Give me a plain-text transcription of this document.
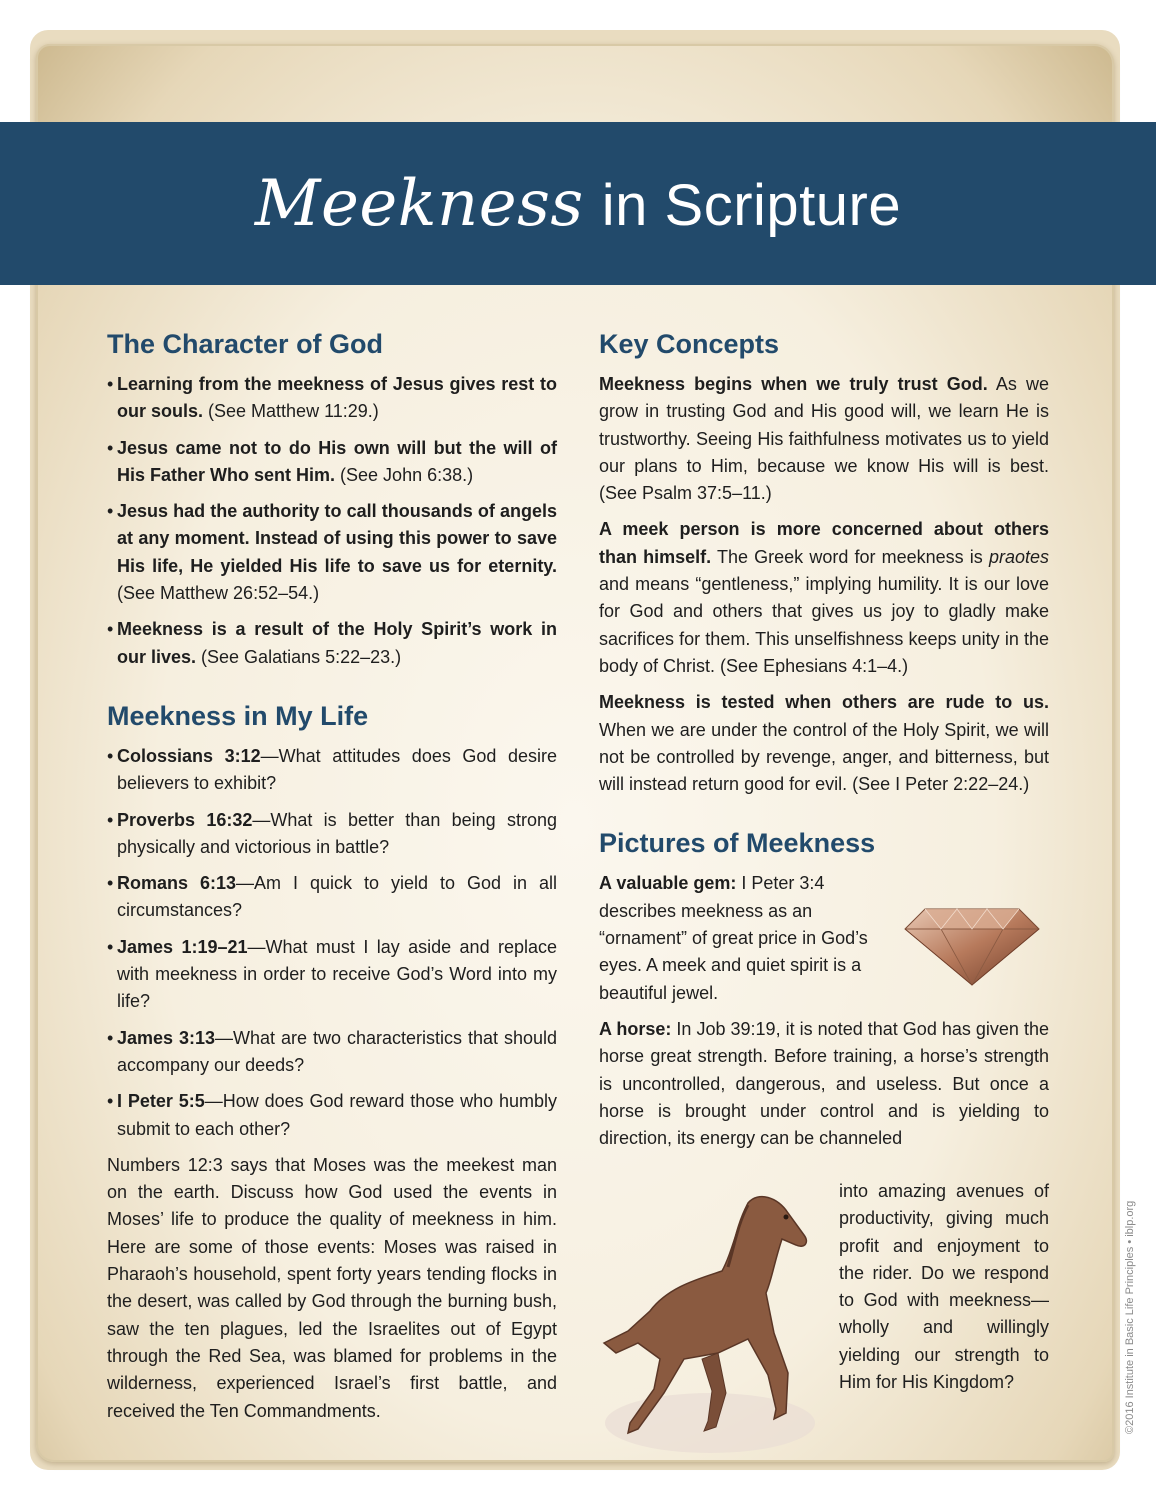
Meekness in Scripture
The Character of God
• Learning from the meekness of Jesus gives rest to our souls. (See Matthew 11:29.)
• Jesus came not to do His own will but the will of His Father Who sent Him. (See John 6:38.)
• Jesus had the authority to call thousands of angels at any moment. Instead of using this power to save His life, He yielded His life to save us for eternity. (See Matthew 26:52–54.)
• Meekness is a result of the Holy Spirit’s work in our lives. (See Galatians 5:22–23.)
Meekness in My Life
• Colossians 3:12—What attitudes does God desire believers to exhibit?
• Proverbs 16:32—What is better than being strong physically and victorious in battle?
• Romans 6:13—Am I quick to yield to God in all circumstances?
• James 1:19–21—What must I lay aside and replace with meekness in order to receive God’s Word into my life?
• James 3:13—What are two characteristics that should accompany our deeds?
• I Peter 5:5—How does God reward those who humbly submit to each other?

Numbers 12:3 says that Moses was the meekest man on the earth. Discuss how God used the events in Moses’ life to produce the quality of meekness in him. Here are some of those events: Moses was raised in Pharaoh’s household, spent forty years tending flocks in the desert, was called by God through the burning bush, saw the ten plagues, led the Israelites out of Egypt through the Red Sea, was blamed for problems in the wilderness, experienced Israel’s first battle, and received the Ten Commandments.

Key Concepts

Meekness begins when we truly trust God. As we grow in trusting God and His good will, we learn He is trustworthy. Seeing His faithfulness motivates us to yield our plans to Him, because we know His will is best. (See Psalm 37:5–11.)

A meek person is more concerned about others than himself. The Greek word for meekness is praotes and means “gentleness,” implying humility. It is our love for God and others that gives us joy to gladly make sacrifices for them. This unselfishness keeps unity in the body of Christ. (See Ephesians 4:1–4.)

Meekness is tested when others are rude to us. When we are under the control of the Holy Spirit, we will not be controlled by revenge, anger, and bitterness, but will instead return good for evil. (See I Peter 2:22–24.)

Pictures of Meekness

A valuable gem: I Peter 3:4 describes meekness as an “ornament” of great price in God’s eyes. A meek and quiet spirit is a beautiful jewel.

A horse: In Job 39:19, it is noted that God has given the horse great strength. Before training, a horse’s strength is uncontrolled, dangerous, and useless. But once a horse is brought under control and is yielding to direction, its energy can be channeled

into amazing avenues of productivity, giving much profit and enjoyment to the rider. Do we respond to God with meekness—wholly and willingly yielding our strength to Him for His Kingdom?	©2016 Institute in Basic Life Principles • iblp.org
